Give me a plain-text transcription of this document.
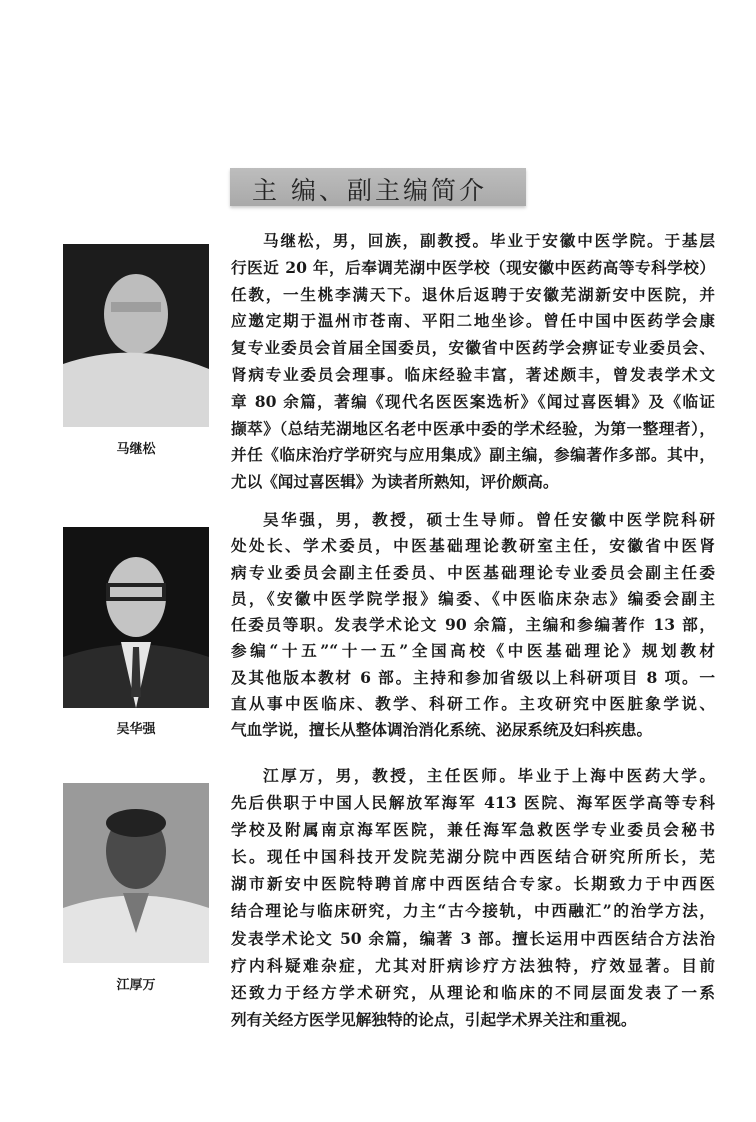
主 编、副主编简介
马继松
马继松，男，回族，副教授。毕业于安徽中医学院。于基层
行医近 20 年，后奉调芜湖中医学校（现安徽中医药高等专科学校）
任教，一生桃李满天下。退休后返聘于安徽芜湖新安中医院，并
应邀定期于温州市苍南、平阳二地坐诊。曾任中国中医药学会康
复专业委员会首届全国委员，安徽省中医药学会痹证专业委员会、
肾病专业委员会理事。临床经验丰富，著述颇丰，曾发表学术文
章 80 余篇，著编《现代名医医案选析》《闻过喜医辑》及《临证
撷萃》（总结芜湖地区名老中医承中委的学术经验，为第一整理者），
并任《临床治疗学研究与应用集成》副主编，参编著作多部。其中，
尤以《闻过喜医辑》为读者所熟知，评价颇高。
吴华强
吴华强，男，教授，硕士生导师。曾任安徽中医学院科研
处处长、学术委员，中医基础理论教研室主任，安徽省中医肾
病专业委员会副主任委员、中医基础理论专业委员会副主任委
员，《安徽中医学院学报》编委、《中医临床杂志》编委会副主
任委员等职。发表学术论文 90 余篇，主编和参编著作 13 部，
参编“十五”“十一五”全国高校《中医基础理论》规划教材
及其他版本教材 6 部。主持和参加省级以上科研项目 8 项。一
直从事中医临床、教学、科研工作。主攻研究中医脏象学说、
气血学说，擅长从整体调治消化系统、泌尿系统及妇科疾患。
江厚万
江厚万，男，教授，主任医师。毕业于上海中医药大学。
先后供职于中国人民解放军海军 413 医院、海军医学高等专科
学校及附属南京海军医院，兼任海军急救医学专业委员会秘书
长。现任中国科技开发院芜湖分院中西医结合研究所所长，芜
湖市新安中医院特聘首席中西医结合专家。长期致力于中西医
结合理论与临床研究，力主“古今接轨，中西融汇”的治学方法，
发表学术论文 50 余篇，编著 3 部。擅长运用中西医结合方法治
疗内科疑难杂症，尤其对肝病诊疗方法独特，疗效显著。目前
还致力于经方学术研究，从理论和临床的不同层面发表了一系
列有关经方医学见解独特的论点，引起学术界关注和重视。
